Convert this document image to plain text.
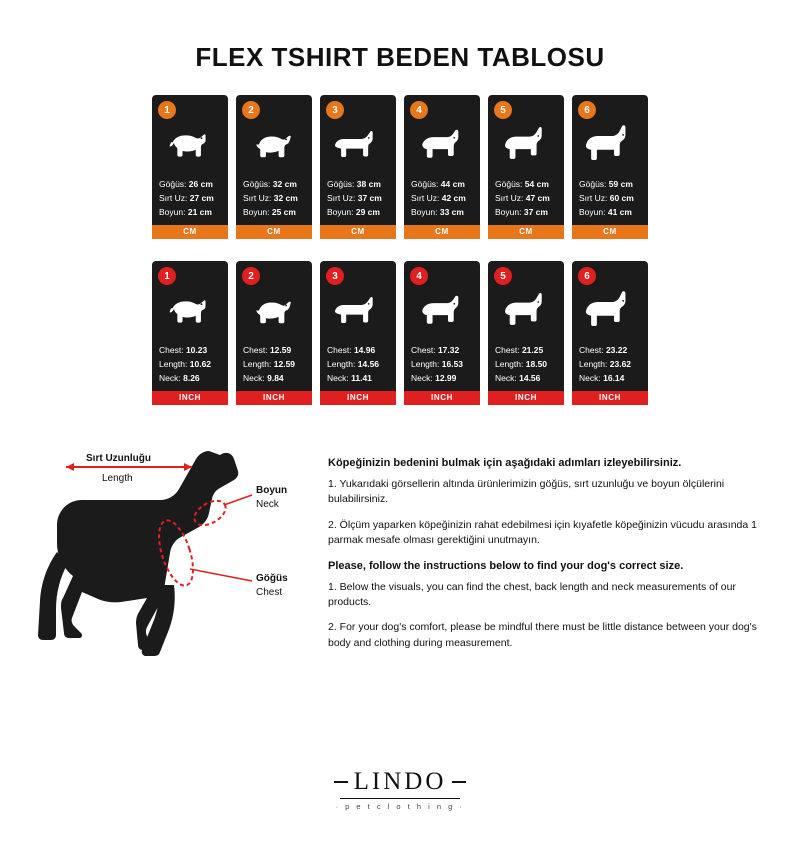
FLEX TSHIRT BEDEN TABLOSU
1
Göğüs: 26 cm
Sırt Uz: 27 cm
Boyun: 21 cm
CM
2
Göğüs: 32 cm
Sırt Uz: 32 cm
Boyun: 25 cm
CM
3
Göğüs: 38 cm
Sırt Uz: 37 cm
Boyun: 29 cm
CM
4
Göğüs: 44 cm
Sırt Uz: 42 cm
Boyun: 33 cm
CM
5
Göğüs: 54 cm
Sırt Uz: 47 cm
Boyun: 37 cm
CM
6
Göğüs: 59 cm
Sırt Uz: 60 cm
Boyun: 41 cm
CM
1
Chest: 10.23
Length: 10.62
Neck: 8.26
INCH
2
Chest: 12.59
Length: 12.59
Neck: 9.84
INCH
3
Chest: 14.96
Length: 14.56
Neck: 11.41
INCH
4
Chest: 17.32
Length: 16.53
Neck: 12.99
INCH
5
Chest: 21.25
Length: 18.50
Neck: 14.56
INCH
6
Chest: 23.22
Length: 23.62
Neck: 16.14
INCH
Sırt Uzunluğu
Length
Boyun
Neck
Göğüs
Chest
Köpeğinizin bedenini bulmak için aşağıdaki adımları izleyebilirsiniz.
1. Yukarıdaki görsellerin altında ürünlerimizin göğüs, sırt uzunluğu ve boyun ölçülerini bulabilirsiniz.
2. Ölçüm yaparken köpeğinizin rahat edebilmesi için kıyafetle köpeğinizin vücudu arasında 1 parmak mesafe olması gerektiğini unutmayın.
Please, follow the instructions below to find your dog's correct size.
1. Below the visuals, you can find the chest, back length and neck measurements of our products.
2. For your dog's comfort, please be mindful there must be little distance between your dog's body and clothing during measurement.
LINDO
· p e t c l o t h i n g ·
